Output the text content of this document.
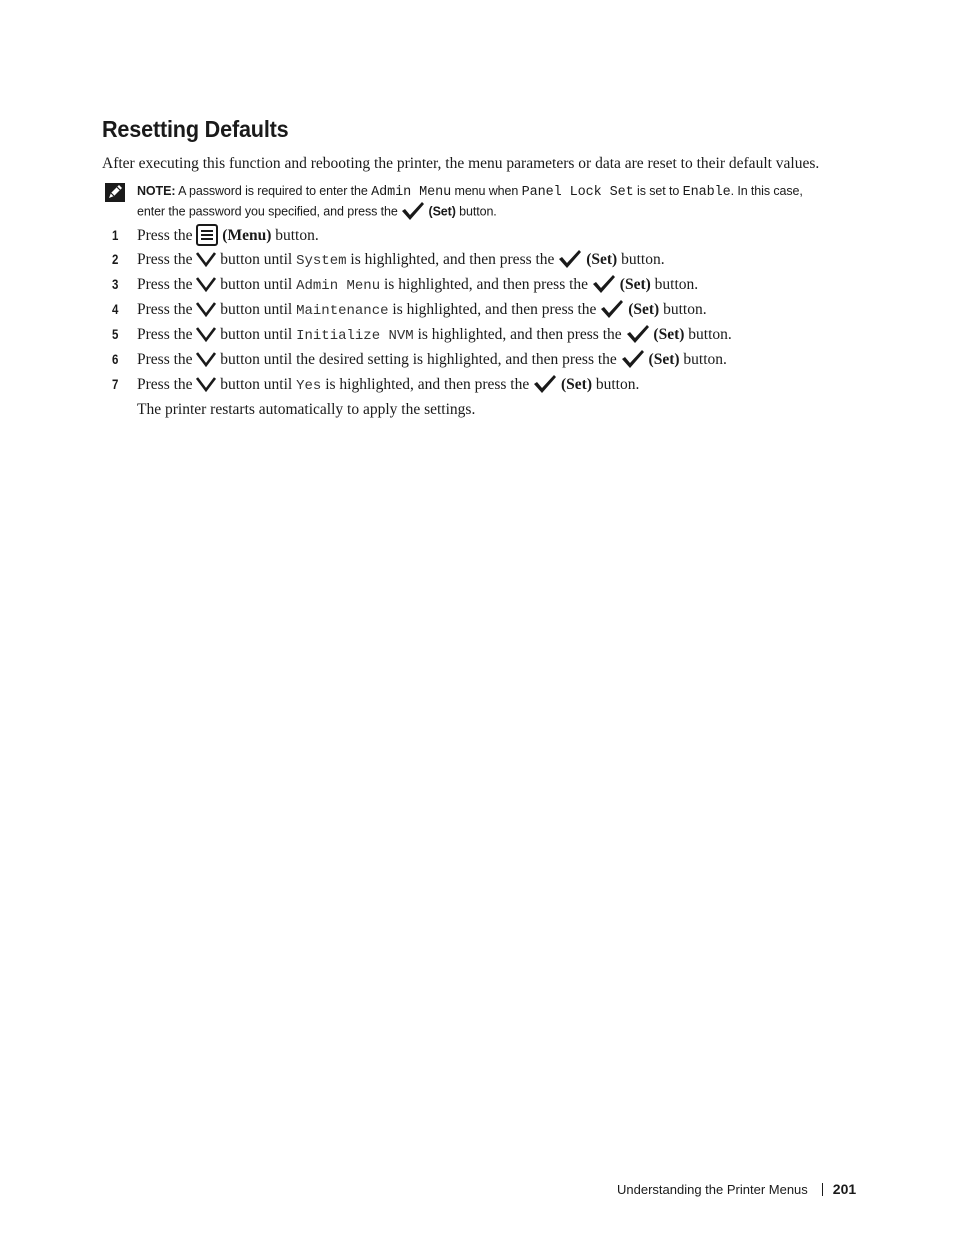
Resetting Defaults

After executing this function and rebooting the printer, the menu parameters or data are reset to their default values.

NOTE: A password is required to enter the Admin Menu menu when Panel Lock Set is set to Enable. In this case,
enter the password you specified, and press the (Set) button.
1 Press the (Menu) button.
2 Press the button until System is highlighted, and then press the (Set) button.
3 Press the button until Admin Menu is highlighted, and then press the (Set) button.
4 Press the button until Maintenance is highlighted, and then press the (Set) button.
5 Press the button until Initialize NVM is highlighted, and then press the (Set) button.
6 Press the button until the desired setting is highlighted, and then press the (Set) button.
7 Press the button until Yes is highlighted, and then press the (Set) button.

The printer restarts automatically to apply the settings.

Understanding the Printer Menus 201
